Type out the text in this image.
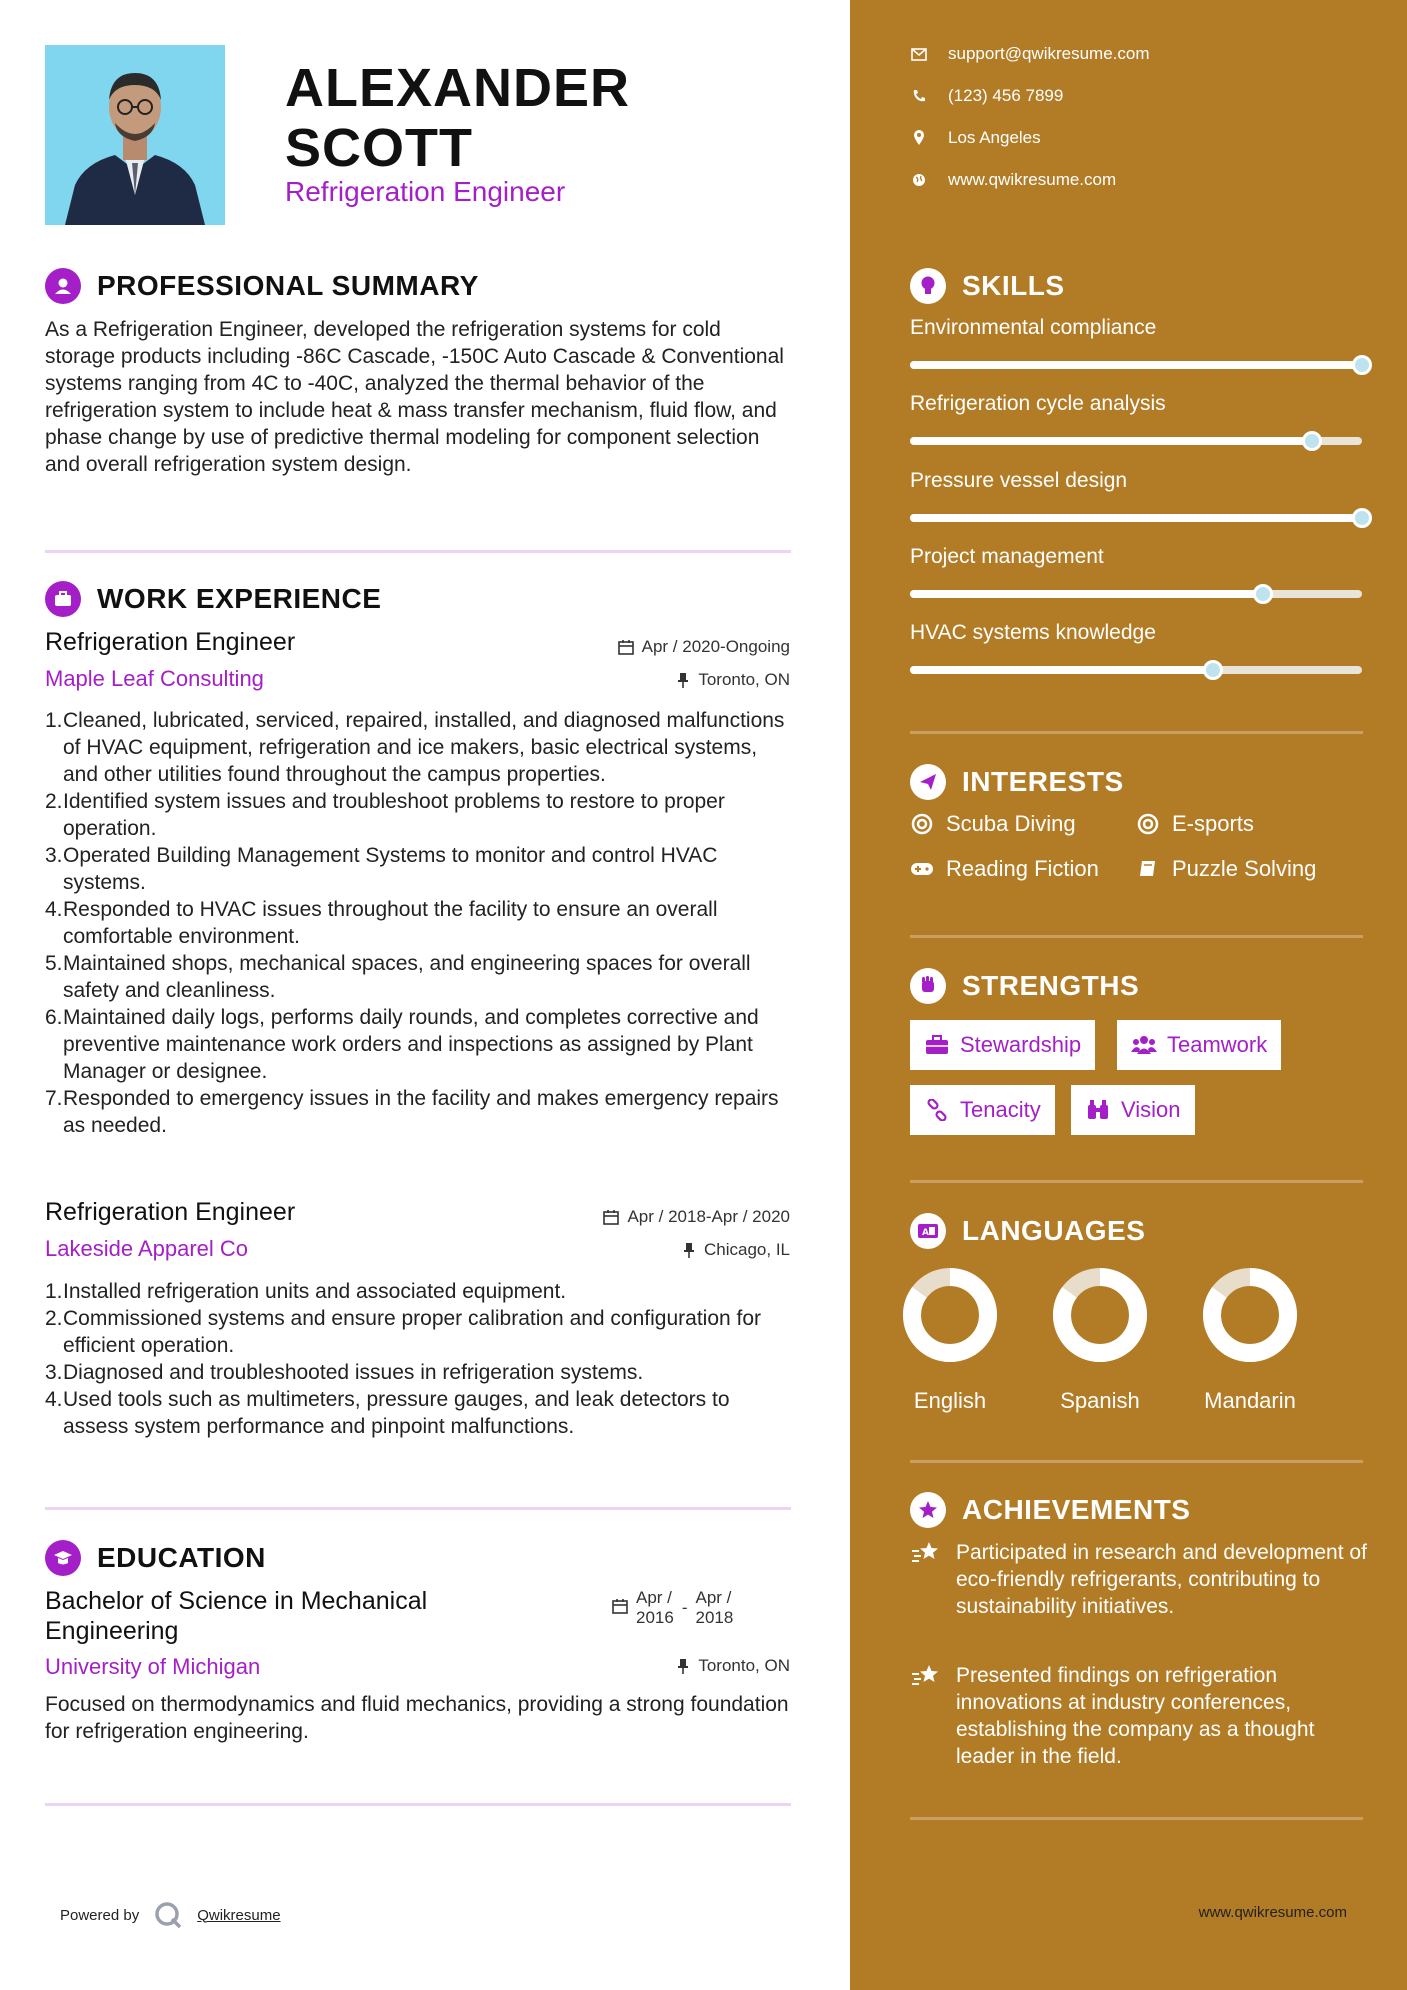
ALEXANDER
SCOTT
Refrigeration Engineer
PROFESSIONAL SUMMARY
As a Refrigeration Engineer, developed the refrigeration systems for cold storage products including -86C Cascade, -150C Auto Cascade & Conventional systems ranging from 4C to -40C, analyzed the thermal behavior of the refrigeration system to include heat & mass transfer mechanism, fluid flow, and phase change by use of predictive thermal modeling for component selection and overall refrigeration system design.
WORK EXPERIENCE
Refrigeration Engineer	Apr / 2020-Ongoing
Maple Leaf Consulting	Toronto, ON
1. Cleaned, lubricated, serviced, repaired, installed, and diagnosed malfunctions of HVAC equipment, refrigeration and ice makers, basic electrical systems, and other utilities found throughout the campus properties.
2. Identified system issues and troubleshoot problems to restore to proper operation.
3. Operated Building Management Systems to monitor and control HVAC systems.
4. Responded to HVAC issues throughout the facility to ensure an overall comfortable environment.
5. Maintained shops, mechanical spaces, and engineering spaces for overall safety and cleanliness.
6. Maintained daily logs, performs daily rounds, and completes corrective and preventive maintenance work orders and inspections as assigned by Plant Manager or designee.
7. Responded to emergency issues in the facility and makes emergency repairs as needed.
Refrigeration Engineer	Apr / 2018-Apr / 2020
Lakeside Apparel Co	Chicago, IL
1. Installed refrigeration units and associated equipment.
2. Commissioned systems and ensure proper calibration and configuration for efficient operation.
3. Diagnosed and troubleshooted issues in refrigeration systems.
4. Used tools such as multimeters, pressure gauges, and leak detectors to assess system performance and pinpoint malfunctions.
EDUCATION
Bachelor of Science in Mechanical
Engineering
Apr /
2016
-
Apr /
2018
University of Michigan	Toronto, ON
Focused on thermodynamics and fluid mechanics, providing a strong foundation for refrigeration engineering.
Powered by	Qwikresume
support@qwikresume.com
(123) 456 7899
Los Angeles
www.qwikresume.com
SKILLS
Environmental compliance
Refrigeration cycle analysis
Pressure vessel design
Project management
HVAC systems knowledge
INTERESTS
Scuba Diving	E-sports
Reading Fiction	Puzzle Solving
STRENGTHS
Stewardship	Teamwork
Tenacity	Vision
A LANGUAGES
English	Spanish	Mandarin
ACHIEVEMENTS
Participated in research and development of eco-friendly refrigerants, contributing to sustainability initiatives.
Presented findings on refrigeration innovations at industry conferences, establishing the company as a thought leader in the field.
www.qwikresume.com
